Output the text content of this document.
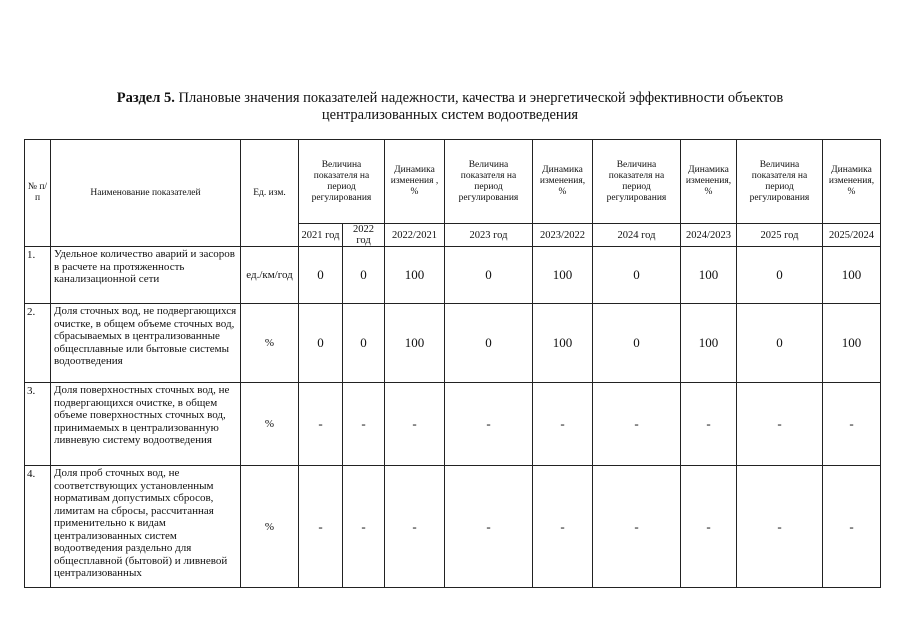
Раздел 5. Плановые значения показателей надежности, качества и энергетической эффективности объектов
централизованных систем водоотведения
№ п/п	Наименование показателей	Ед. изм.	Величина показателя на период регулирования		Динамика изменения , %	Величина показателя на период регулирования	Динамика изменения, %	Величина показателя на период регулирования	Динамика изменения, %	Величина показателя на период регулирования	Динамика изменения, %
			2021 год	2022 год	2022/2021	2023 год	2023/2022	2024 год	2024/2023	2025 год	2025/2024
1.	Удельное количество аварий и засоров в расчете на протяженность канализационной сети	ед./км/год	0	0	100	0	100	0	100	0	100
2.	Доля сточных вод, не подвергающихся очистке, в общем объеме сточных вод, сбрасываемых в централизованные общесплавные или бытовые системы водоотведения	%	0	0	100	0	100	0	100	0	100
3.	Доля поверхностных сточных вод, не подвергающихся очистке, в общем объеме поверхностных сточных вод, принимаемых в централизованную ливневую систему водоотведения	%	-	-	-	-	-	-	-	-	-
4.	Доля проб сточных вод, не соответствующих установленным нормативам допустимых сбросов, лимитам на сбросы, рассчитанная применительно к видам централизованных систем водоотведения раздельно для общесплавной (бытовой) и ливневой централизованных	%	-	-	-	-	-	-	-	-	-
